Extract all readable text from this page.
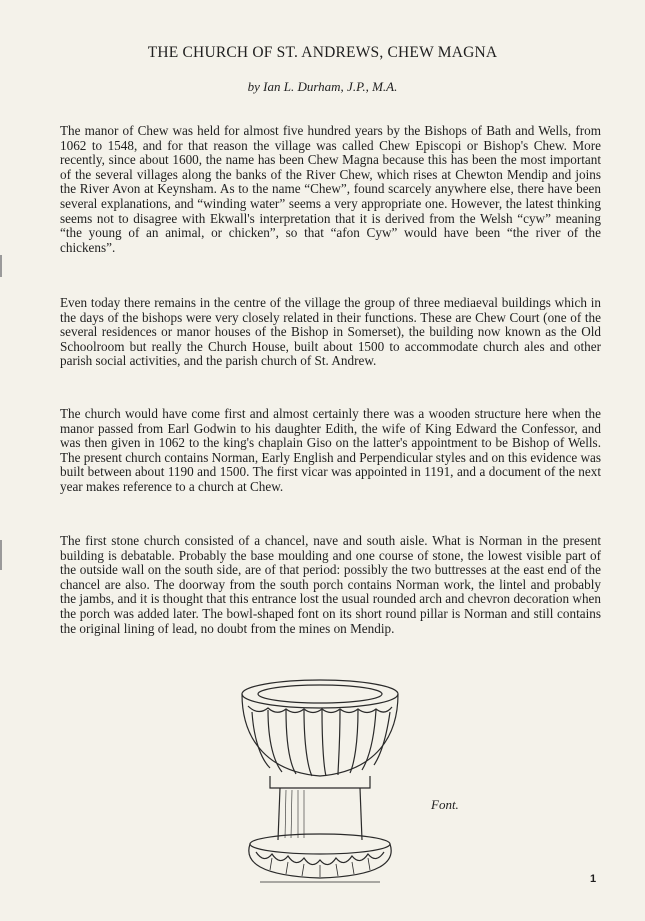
THE CHURCH OF ST. ANDREWS, CHEW MAGNA
by Ian L. Durham, J.P., M.A.
The manor of Chew was held for almost five hundred years by the Bishops of Bath and Wells, from 1062 to 1548, and for that reason the village was called Chew Episcopi or Bishop's Chew. More recently, since about 1600, the name has been Chew Magna because this has been the most important of the several villages along the banks of the River Chew, which rises at Chewton Mendip and joins the River Avon at Keynsham. As to the name “Chew”, found scarcely anywhere else, there have been several explanations, and “winding water” seems a very appropriate one. However, the latest thinking seems not to disagree with Ekwall's interpretation that it is derived from the Welsh “cyw” meaning “the young of an animal, or chicken”, so that “afon Cyw” would have been “the river of the chickens”.
Even today there remains in the centre of the village the group of three mediaeval buildings which in the days of the bishops were very closely related in their functions. These are Chew Court (one of the several residences or manor houses of the Bishop in Somerset), the building now known as the Old Schoolroom but really the Church House, built about 1500 to accommodate church ales and other parish social activities, and the parish church of St. Andrew.
The church would have come first and almost certainly there was a wooden structure here when the manor passed from Earl Godwin to his daughter Edith, the wife of King Edward the Confessor, and was then given in 1062 to the king's chaplain Giso on the latter's appointment to be Bishop of Wells. The present church contains Norman, Early English and Perpendicular styles and on this evidence was built between about 1190 and 1500. The first vicar was appointed in 1191, and a document of the next year makes reference to a church at Chew.
The first stone church consisted of a chancel, nave and south aisle. What is Norman in the present building is debatable. Probably the base moulding and one course of stone, the lowest visible part of the outside wall on the south side, are of that period: possibly the two buttresses at the east end of the chancel are also. The doorway from the south porch contains Norman work, the lintel and probably the jambs, and it is thought that this entrance lost the usual rounded arch and chevron decoration when the porch was added later. The bowl-shaped font on its short round pillar is Norman and still contains the original lining of lead, no doubt from the mines on Mendip.
Font.
1
